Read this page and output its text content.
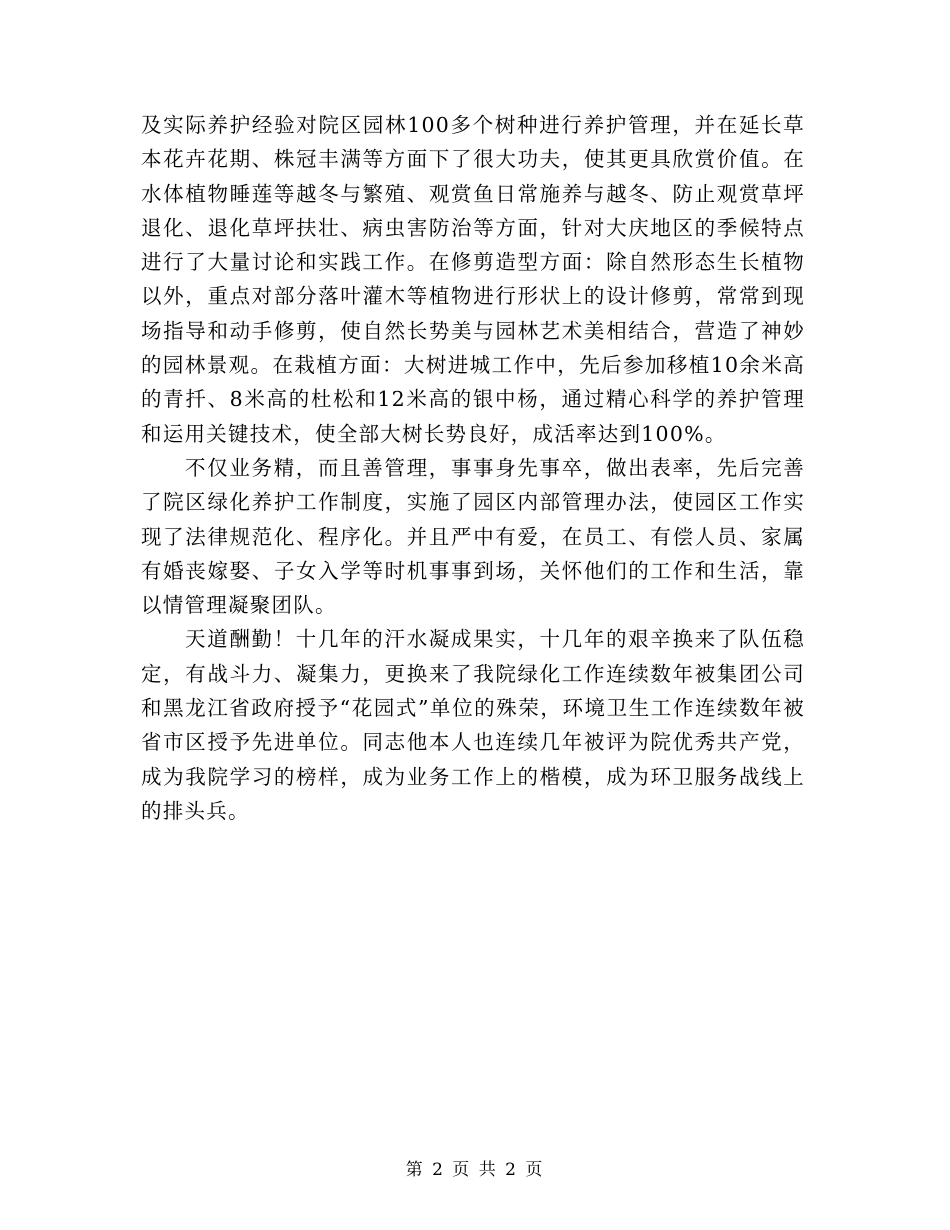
及实际养护经验对院区园林100多个树种进行养护管理，并在延长草本花卉花期、株冠丰满等方面下了很大功夫，使其更具欣赏价值。在水体植物睡莲等越冬与繁殖、观赏鱼日常施养与越冬、防止观赏草坪退化、退化草坪扶壮、病虫害防治等方面，针对大庆地区的季候特点进行了大量讨论和实践工作。在修剪造型方面：除自然形态生长植物以外，重点对部分落叶灌木等植物进行形状上的设计修剪，常常到现场指导和动手修剪，使自然长势美与园林艺术美相结合，营造了神妙的园林景观。在栽植方面：大树进城工作中，先后参加移植10余米高的青扦、8米高的杜松和12米高的银中杨，通过精心科学的养护管理和运用关键技术，使全部大树长势良好，成活率达到100%。

不仅业务精，而且善管理，事事身先事卒，做出表率，先后完善了院区绿化养护工作制度，实施了园区内部管理办法，使园区工作实现了法律规范化、程序化。并且严中有爱，在员工、有偿人员、家属有婚丧嫁娶、子女入学等时机事事到场，关怀他们的工作和生活，靠以情管理凝聚团队。

天道酬勤！十几年的汗水凝成果实，十几年的艰辛换来了队伍稳定，有战斗力、凝集力，更换来了我院绿化工作连续数年被集团公司和黑龙江省政府授予“花园式”单位的殊荣，环境卫生工作连续数年被省市区授予先进单位。同志他本人也连续几年被评为院优秀共产党，成为我院学习的榜样，成为业务工作上的楷模，成为环卫服务战线上的排头兵。

第 2 页 共 2 页
